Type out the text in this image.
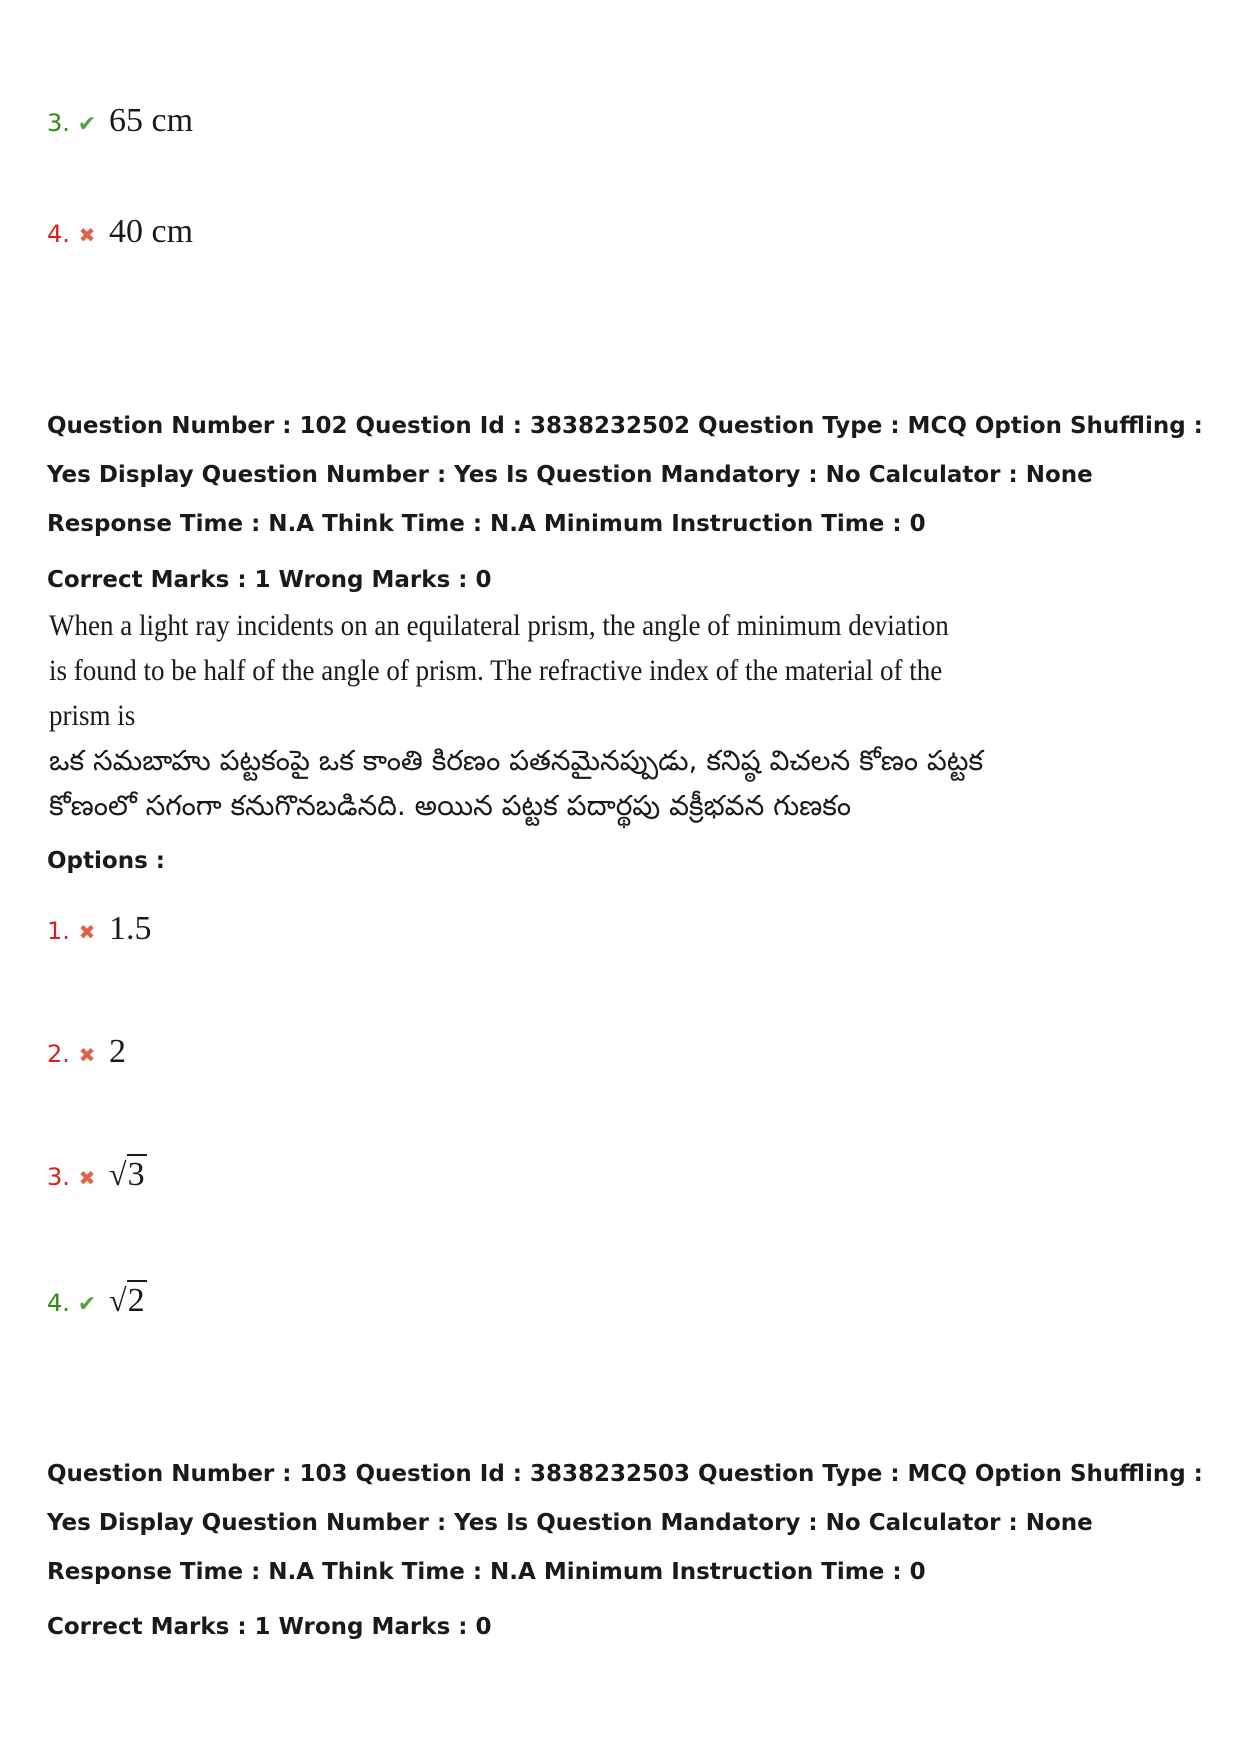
3. ✔ 65 cm
4. ✖ 40 cm
Question Number : 102 Question Id : 3838232502 Question Type : MCQ Option Shuffling : Yes Display Question Number : Yes Is Question Mandatory : No Calculator : None Response Time : N.A Think Time : N.A Minimum Instruction Time : 0
Correct Marks : 1 Wrong Marks : 0
When a light ray incidents on an equilateral prism, the angle of minimum deviation is found to be half of the angle of prism. The refractive index of the material of the prism is
ఒక సమబాహు పట్టకంపై ఒక కాంతి కిరణం పతనమైనప్పుడు, కనిష్ఠ విచలన కోణం పట్టక కోణంలో సగంగా కనుగొనబడినది. అయిన పట్టక పదార్థపు వక్రీభవన గుణకం
Options :
1. ✖ 1.5
2. ✖ 2
3. ✖ √3
4. ✔ √2
Question Number : 103 Question Id : 3838232503 Question Type : MCQ Option Shuffling : Yes Display Question Number : Yes Is Question Mandatory : No Calculator : None Response Time : N.A Think Time : N.A Minimum Instruction Time : 0
Correct Marks : 1 Wrong Marks : 0
